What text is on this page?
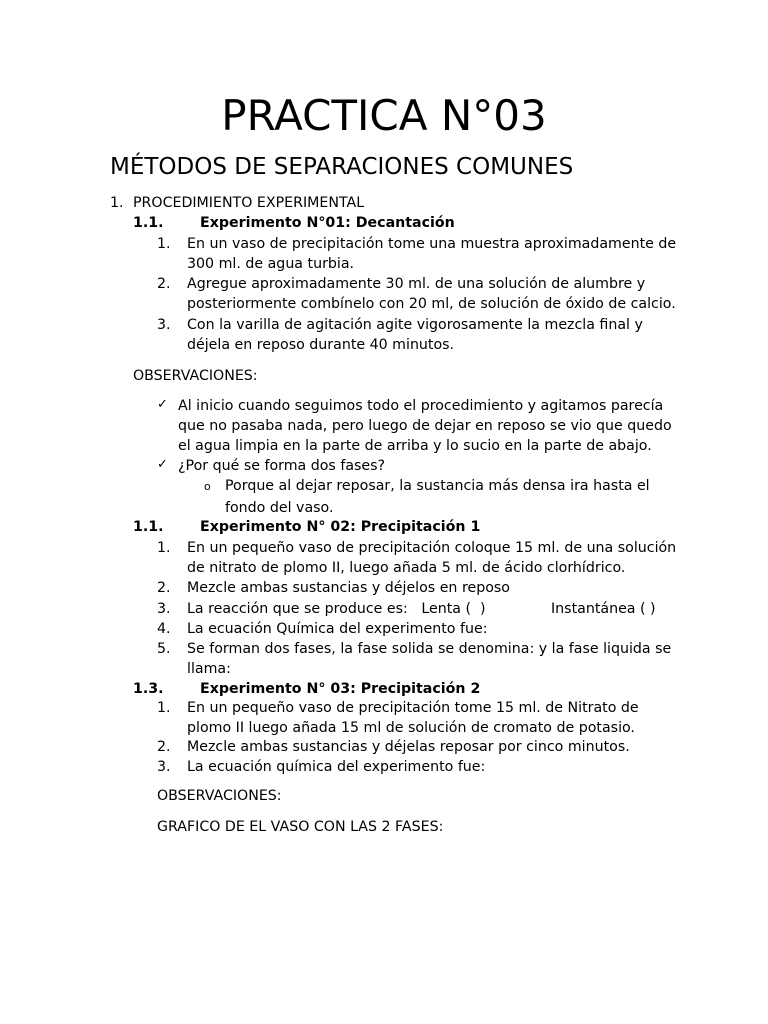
PRACTICA N°03
MÉTODOS DE SEPARACIONES COMUNES
1. PROCEDIMIENTO EXPERIMENTAL
1.1.	Experimento N°01: Decantación
1. En un vaso de precipitación tome una muestra aproximadamente de
300 ml. de agua turbia.
2. Agregue aproximadamente 30 ml. de una solución de alumbre y
posteriormente combínelo con 20 ml, de solución de óxido de calcio.
3. Con la varilla de agitación agite vigorosamente la mezcla final y
déjela en reposo durante 40 minutos.
OBSERVACIONES:
✓ Al inicio cuando seguimos todo el procedimiento y agitamos parecía
que no pasaba nada, pero luego de dejar en reposo se vio que quedo
el agua limpia en la parte de arriba y lo sucio en la parte de abajo.
✓ ¿Por qué se forma dos fases?
o Porque al dejar reposar, la sustancia más densa ira hasta el
fondo del vaso.
1.1.	Experimento N° 02: Precipitación 1
1. En un pequeño vaso de precipitación coloque 15 ml. de una solución
de nitrato de plomo II, luego añada 5 ml. de ácido clorhídrico.
2. Mezcle ambas sustancias y déjelos en reposo
3. La reacción que se produce es:   Lenta (  )	Instantánea ( )
4. La ecuación Química del experimento fue:
5. Se forman dos fases, la fase solida se denomina: y la fase liquida se
llama:
1.3.	Experimento N° 03: Precipitación 2
1. En un pequeño vaso de precipitación tome 15 ml. de Nitrato de
plomo II luego añada 15 ml de solución de cromato de potasio.
2. Mezcle ambas sustancias y déjelas reposar por cinco minutos.
3. La ecuación química del experimento fue:
OBSERVACIONES:
GRAFICO DE EL VASO CON LAS 2 FASES:
